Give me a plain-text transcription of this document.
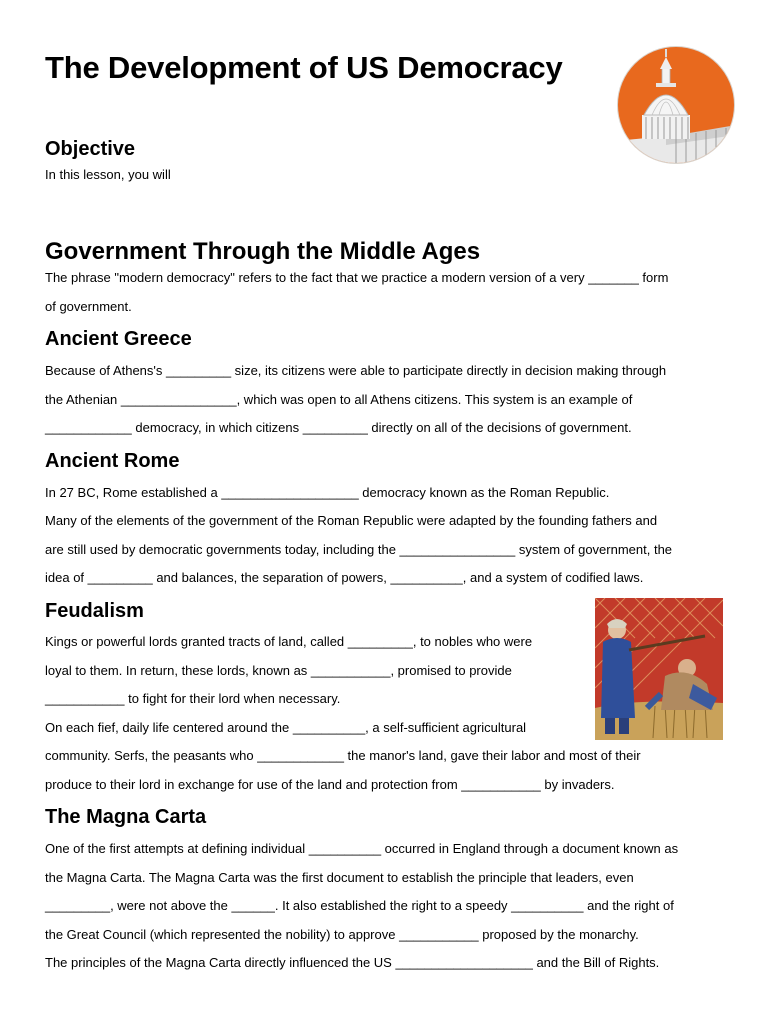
The Development of US Democracy
Objective
In this lesson, you will
Government Through the Middle Ages
The phrase "modern democracy" refers to the fact that we practice a modern version of a very _______ form
of government.
Ancient Greece
Because of Athens's _________ size, its citizens were able to participate directly in decision making through
the Athenian ________________, which was open to all Athens citizens. This system is an example of
____________ democracy, in which citizens _________ directly on all of the decisions of government.
Ancient Rome
In 27 BC, Rome established a ___________________ democracy known as the Roman Republic.
Many of the elements of the government of the Roman Republic were adapted by the founding fathers and
are still used by democratic governments today, including the ________________ system of government, the
idea of _________ and balances, the separation of powers, __________, and a system of codified laws.
Feudalism
Kings or powerful lords granted tracts of land, called _________, to nobles who were
loyal to them. In return, these lords, known as ___________, promised to provide
___________ to fight for their lord when necessary.
On each fief, daily life centered around the __________, a self-sufficient agricultural
community. Serfs, the peasants who ____________ the manor's land, gave their labor and most of their
produce to their lord in exchange for use of the land and protection from ___________ by invaders.
The Magna Carta
One of the first attempts at defining individual __________ occurred in England through a document known as
the Magna Carta. The Magna Carta was the first document to establish the principle that leaders, even
_________, were not above the ______. It also established the right to a speedy __________ and the right of
the Great Council (which represented the nobility) to approve ___________ proposed by the monarchy.
The principles of the Magna Carta directly influenced the US ___________________ and the Bill of Rights.
